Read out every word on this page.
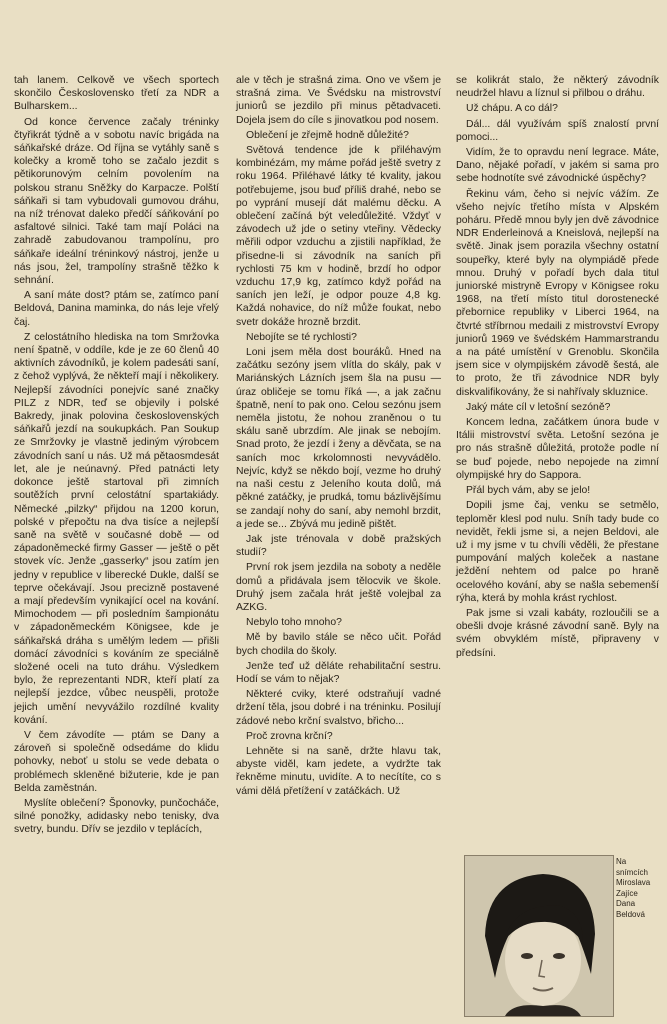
tah lanem. Celkově ve všech sportech skončilo Československo třetí za NDR a Bulharskem...

Od konce července začaly tréninky čtyřikrát týdně a v sobotu navíc brigáda na sáňkařské dráze. Od října se vytáhly saně s kolečky a kromě toho se začalo jezdit s pětikorunovým celním povolením na polskou stranu Sněžky do Karpacze. Polští sáňkaři si tam vybudovali gumovou dráhu, na níž trénovat daleko předčí sáňkování po asfaltové silnici. Také tam mají Poláci na zahradě zabudovanou trampolínu, pro sáňkaře ideální tréninkový nástroj, jenže u nás jsou, žel, trampolíny strašně těžko k sehnání.

A saní máte dost? ptám se, zatímco paní Beldová, Danina maminka, do nás leje vřelý čaj.

Z celostátního hlediska na tom Smržovka není špatně, v oddíle, kde je ze 60 členů 40 aktivních závodníků, je kolem padesáti saní, z čehož vyplývá, že někteří mají i několikery. Nejlepší závodníci ponejvíc sané značky PILZ z NDR, teď se objevily i polské Bakredy, jinak polovina československých sáňkařů jezdí na soukupkách. Pan Soukup ze Smržovky je vlastně jediným výrobcem závodních saní u nás. Už má pětaosmdesát let, ale je neúnavný. Před patnácti lety dokonce ještě startoval při zimních soutěžích první celostátní spartakiády. Německé „pilzky“ přijdou na 1200 korun, polské v přepočtu na dva tisíce a nejlepší saně na světě v současné době — od západoněmecké firmy Gasser — ještě o pět stovek víc. Jenže „gasserky“ jsou zatím jen jedny v republice v liberecké Dukle, další se teprve očekávají. Jsou precizně postavené a mají především vynikající ocel na kování. Mimochodem — při posledním šampionátu v západoněmeckém Königsee, kde je sáňkařská dráha s umělým ledem — přišli domácí závodníci s kováním ze speciálně složené oceli na tuto dráhu. Výsledkem bylo, že reprezentanti NDR, kteří platí za nejlepší jezdce, vůbec neuspěli, protože jejich umění nevyvážilo rozdílné kvality kování.

V čem závodíte — ptám se Dany a zároveň si společně odsedáme do klidu pohovky, neboť u stolu se vede debata o problémech skleněné bižuterie, kde je pan Belda zaměstnán.

Myslíte oblečení? Šponovky, punčocháče, silné ponožky, adidasky nebo tenisky, dva svetry, bundu. Dřív se jezdilo v teplácích,

ale v těch je strašná zima. Ono ve všem je strašná zima. Ve Švédsku na mistrovství juniorů se jezdilo při minus pětadvaceti. Dojela jsem do cíle s jinovatkou pod nosem.

Oblečení je zřejmě hodně důležité?

Světová tendence jde k přiléhavým kombinézám, my máme pořád ještě svetry z roku 1964. Přiléhavé látky té kvality, jakou potřebujeme, jsou buď příliš drahé, nebo se po vyprání musejí dát malému děcku. A oblečení začíná být veledůležité. Vždyť v závodech už jde o setiny vteřiny. Vědecky měřili odpor vzduchu a zjistili například, že přisedne-li si závodník na saních při rychlosti 75 km v hodině, brzdí ho odpor vzduchu 17,9 kg, zatímco když pořád na saních jen leží, je odpor pouze 4,8 kg. Každá nohavice, do níž může foukat, nebo svetr dokáže hrozně brzdit.

Nebojíte se té rychlosti?

Loni jsem měla dost bouráků. Hned na začátku sezóny jsem vlítla do skály, pak v Mariánských Lázních jsem šla na pusu — úraz obličeje se tomu říká —, a jak začnu špatně, není to pak ono. Celou sezónu jsem neměla jistotu, že nohou zraněnou o tu skálu saně ubrzdím. Ale jinak se nebojím. Snad proto, že jezdí i ženy a děvčata, se na saních moc krkolomnosti nevyvádělo. Nejvíc, když se někdo bojí, vezme ho druhý na naši cestu z Jeleního kouta dolů, má pěkné zatáčky, je prudká, tomu bázlivějšímu se zandají nohy do saní, aby nemohl brzdit, a jede se... Zbývá mu jedině pištět.

Jak jste trénovala v době pražských studií?

První rok jsem jezdila na soboty a neděle domů a přidávala jsem tělocvik ve škole. Druhý jsem začala hrát ještě volejbal za AZKG.

Nebylo toho mnoho?

Mě by bavilo stále se něco učit. Pořád bych chodila do školy.

Jenže teď už děláte rehabilitační sestru. Hodí se vám to nějak?

Některé cviky, které odstraňují vadné držení těla, jsou dobré i na tréninku. Posilují zádové nebo krční svalstvo, břicho...

Proč zrovna krční?

Lehněte si na saně, držte hlavu tak, abyste viděl, kam jedete, a vydržte tak řekněme minutu, uvidíte. A to necítíte, co s vámi dělá přetížení v zatáčkách. Už

se kolikrát stalo, že některý závodník neudržel hlavu a líznul si přilbou o dráhu.

Už chápu. A co dál?

Dál... dál využívám spíš znalostí první pomoci...

Vidím, že to opravdu není legrace. Máte, Dano, nějaké pořadí, v jakém si sama pro sebe hodnotíte své závodnické úspěchy?

Řekinu vám, čeho si nejvíc vážím. Ze všeho nejvíc třetího místa v Alpském poháru. Předě mnou byly jen dvě závodnice NDR Enderleinová a Kneislová, nejlepší na světě. Jinak jsem porazila všechny ostatní soupeřky, které byly na olympiádě přede mnou. Druhý v pořadí bych dala titul juniorské mistryně Evropy v Königsee roku 1968, na třetí místo titul dorostenecké přebornice republiky v Liberci 1964, na čtvrté stříbrnou medaili z mistrovství Evropy juniorů 1969 ve švédském Hammarstrandu a na páté umístění v Grenoblu. Skončila jsem sice v olympijském závodě šestá, ale to proto, že tři závodnice NDR byly diskvalifikovány, že si nahřívaly skluznice.

Jaký máte cíl v letošní sezóně?

Koncem ledna, začátkem února bude v Itálii mistrovství světa. Letošní sezóna je pro nás strašně důležitá, protože podle ní se buď pojede, nebo nepojede na zimní olympijské hry do Sappora.

Přál bych vám, aby se jelo!

Dopili jsme čaj, venku se setmělo, teploměr klesl pod nulu. Sníh tady bude co nevidět, řekli jsme si, a nejen Beldovi, ale už i my jsme v tu chvíli věděli, že přestane pumpování malých koleček a nastane ježdění nehtem od palce po hraně ocelového kování, aby se našla sebemenší rýha, která by mohla krást rychlost.

Pak jsme si vzali kabáty, rozloučili se a obešli dvoje krásné závodní saně. Byly na svém obvyklém místě, připraveny v předsíni.

Na
snímcích
Miroslava
Zajíce
Dana
Beldová
